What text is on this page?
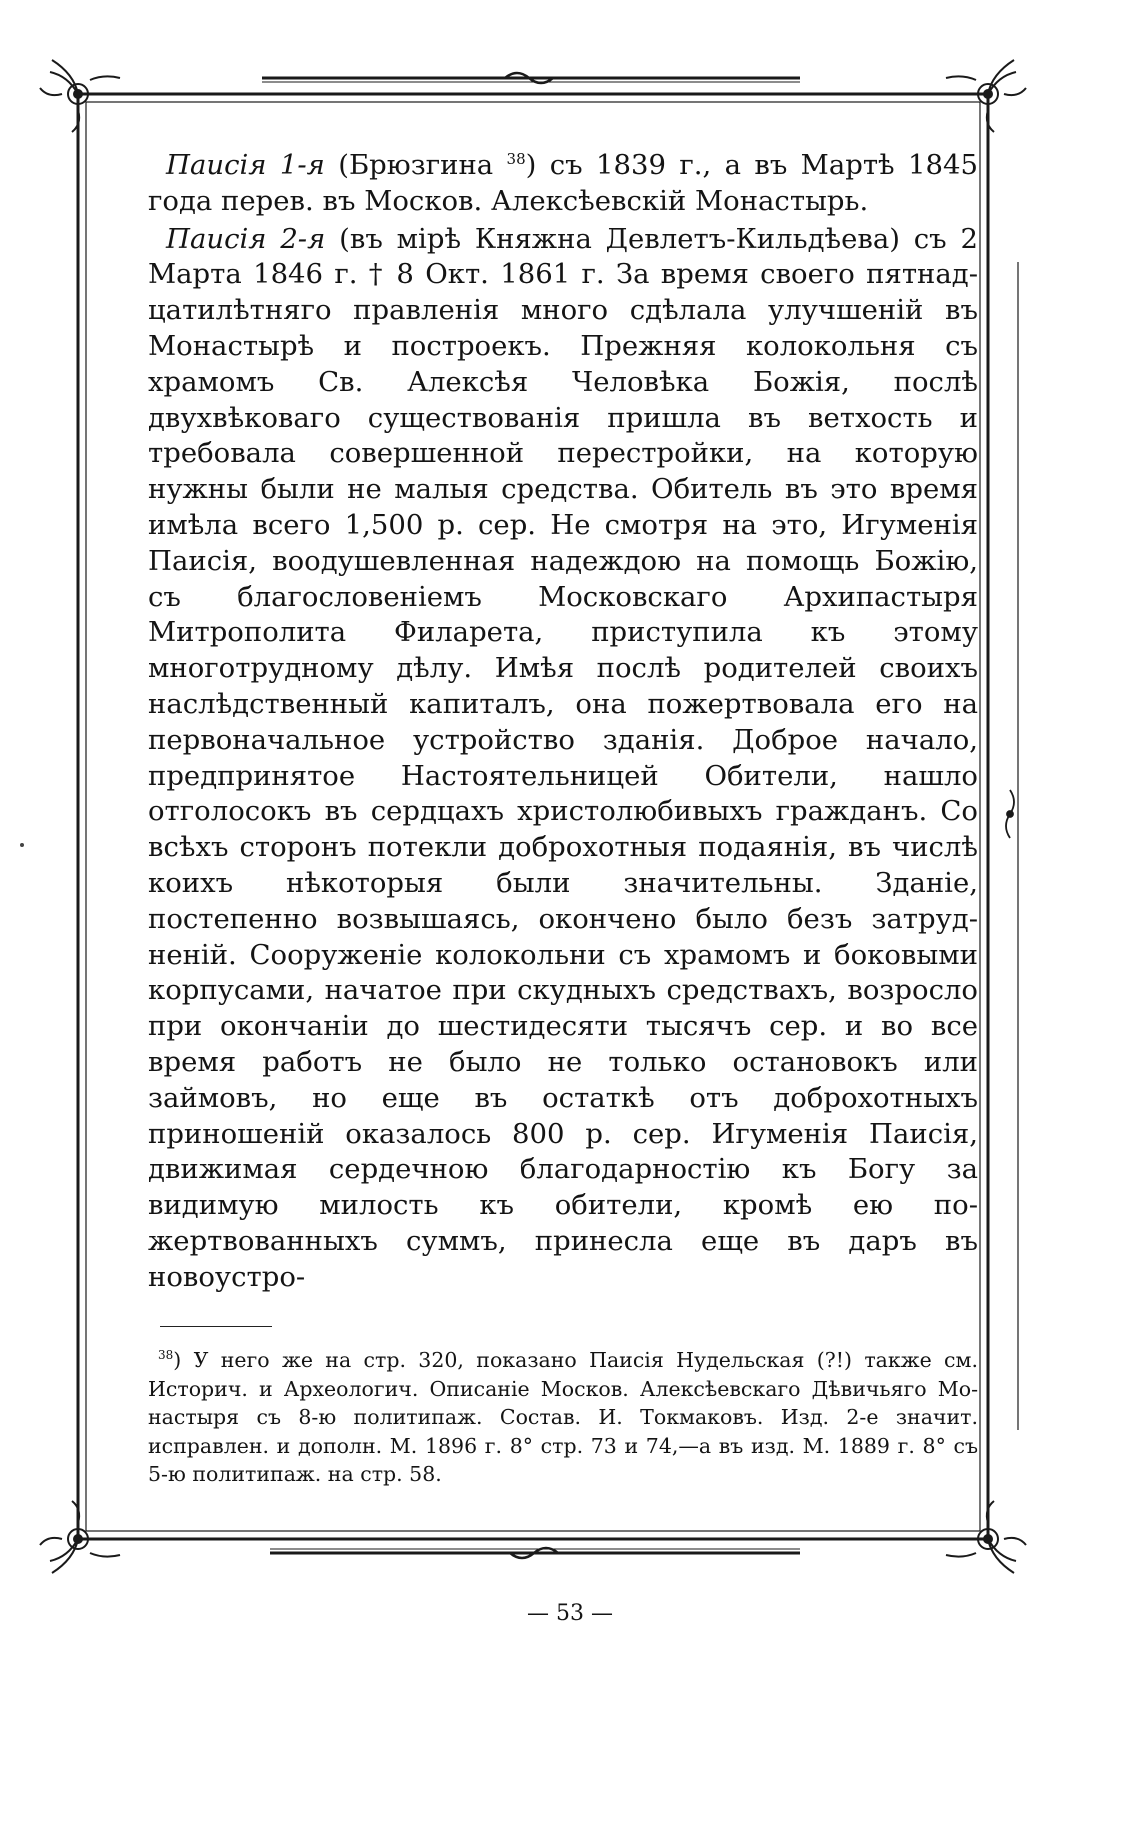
Паисія 1-я (Брюзгина $^{38}$) съ 1839 г., а въ Мартѣ 1845 года перев. въ Москов. Алексѣевскій Монастырь.

Паисія 2-я (въ мірѣ Княжна Девлетъ-Кильдѣева) съ 2 Марта 1846 г. † 8 Окт. 1861 г. За время своего пятнадцатилѣтняго правленія много сдѣлала улучшеній въ Монастырѣ и построекъ. Прежняя колокольня съ храмомъ Св. Алексѣя Человѣка Божія, послѣ двухвѣковаго существованія пришла въ ветхость и требовала совершенной перестройки, на которую нужны были не малыя средства. Обитель въ это время имѣла всего 1,500 р. сер. Не смотря на это, Игуменія Паисія, воодушевленная надеждою на помощь Божію, съ благословеніемъ Московскаго Архипастыря Митрополита Филарета, приступила къ этому многотрудному дѣлу. Имѣя послѣ родителей своихъ наслѣдственный капиталъ, она пожертвовала его на первоначальное устройство зданія. Доброе начало, предпринятое Настоятельницей Обители, нашло отголосокъ въ сердцахъ христолюбивыхъ гражданъ. Со всѣхъ сторонъ потекли доброхотныя подаянія, въ числѣ коихъ нѣкоторыя были значительны. Зданіе, постепенно возвышаясь, окончено было безъ затрудненій. Сооруженіе колокольни съ храмомъ и боковыми корпусами, начатое при скудныхъ средствахъ, возросло при окончаніи до шестидесяти тысячъ сер. и во все время работъ не было не только остановокъ или займовъ, но еще въ остаткѣ отъ доброхотныхъ приношеній оказалось 800 р. сер. Игуменія Паисія, движимая сердечною благодарностію къ Богу за видимую милость къ обители, кромѣ ею пожертвованныхъ суммъ, принесла еще въ даръ въ новоустро-

$^{38}$) У него же на стр. 320, показано Паисія Нудельская (?!) также см. Историч. и Археологич. Описаніе Москов. Алексѣевскаго Дѣвичьяго Монастыря съ 8-ю политипаж. Состав. И. Токмаковъ. Изд. 2-е значит. исправлен. и дополн. М. 1896 г. 8° стр. 73 и 74,—а въ изд. М. 1889 г. 8° съ 5-ю политипаж. на стр. 58.

— 53 —
